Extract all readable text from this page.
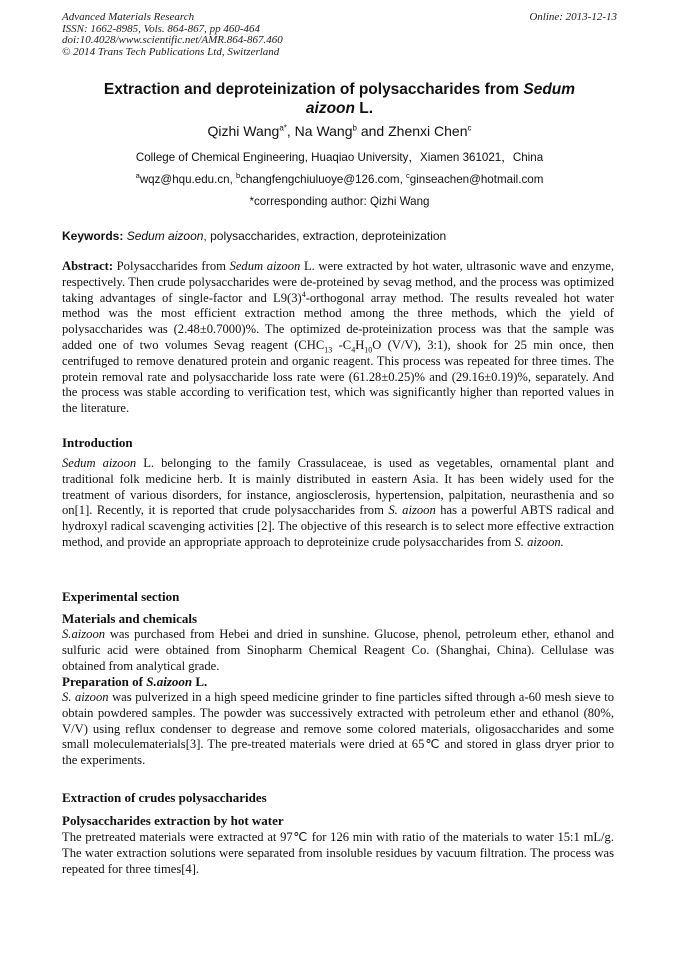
Advanced Materials Research
ISSN: 1662-8985, Vols. 864-867, pp 460-464
doi:10.4028/www.scientific.net/AMR.864-867.460
© 2014 Trans Tech Publications Ltd, Switzerland
Online: 2013-12-13
Extraction and deproteinization of polysaccharides from Sedum
aizoon L.
Qizhi Wang$^{a*}$, Na Wang$^b$ and Zhenxi Chen$^c$
College of Chemical Engineering, Huaqiao University，Xiamen 361021，China
$^a$wqz@hqu.edu.cn, $^b$changfengchiuluoye@126.com, $^c$ginseachen@hotmail.com
*corresponding author: Qizhi Wang
Keywords: Sedum aizoon, polysaccharides, extraction, deproteinization
Abstract: Polysaccharides from Sedum aizoon L. were extracted by hot water, ultrasonic wave and enzyme, respectively. Then crude polysaccharides were de-proteined by sevag method, and the process was optimized taking advantages of single-factor and $L9(3)^4$-orthogonal array method. The results revealed hot water method was the most efficient extraction method among the three methods, which the yield of polysaccharides was (2.48±0.7000)%. The optimized de-proteinization process was that the sample was added one of two volumes Sevag reagent ($CHC_{13}$ $-C_4H_{10}O$ (V/V), 3:1), shook for 25 min once, then centrifuged to remove denatured protein and organic reagent. This process was repeated for three times. The protein removal rate and polysaccharide loss rate were (61.28±0.25)% and (29.16±0.19)%, separately. And the process was stable according to verification test, which was significantly higher than reported values in the literature.
Introduction
Sedum aizoon L. belonging to the family Crassulaceae, is used as vegetables, ornamental plant and traditional folk medicine herb. It is mainly distributed in eastern Asia. It has been widely used for the treatment of various disorders, for instance, angiosclerosis, hypertension, palpitation, neurasthenia and so on[1]. Recently, it is reported that crude polysaccharides from S. aizoon has a powerful ABTS radical and hydroxyl radical scavenging activities [2]. The objective of this research is to select more effective extraction method, and provide an appropriate approach to deproteinize crude polysaccharides from S. aizoon.
Experimental section
Materials and chemicals
S.aizoon was purchased from Hebei and dried in sunshine. Glucose, phenol, petroleum ether, ethanol and sulfuric acid were obtained from Sinopharm Chemical Reagent Co. (Shanghai, China). Cellulase was obtained from analytical grade.
Preparation of S.aizoon L.
S. aizoon was pulverized in a high speed medicine grinder to fine particles sifted through a-60 mesh sieve to obtain powdered samples. The powder was successively extracted with petroleum ether and ethanol (80%, V/V) using reflux condenser to degrease and remove some colored materials, oligosaccharides and some small moleculematerials[3]. The pre-treated materials were dried at 65℃ and stored in glass dryer prior to the experiments.
Extraction of crudes polysaccharides
Polysaccharides extraction by hot water
The pretreated materials were extracted at 97℃ for 126 min with ratio of the materials to water 15:1 mL/g. The water extraction solutions were separated from insoluble residues by vacuum filtration. The process was repeated for three times[4].
